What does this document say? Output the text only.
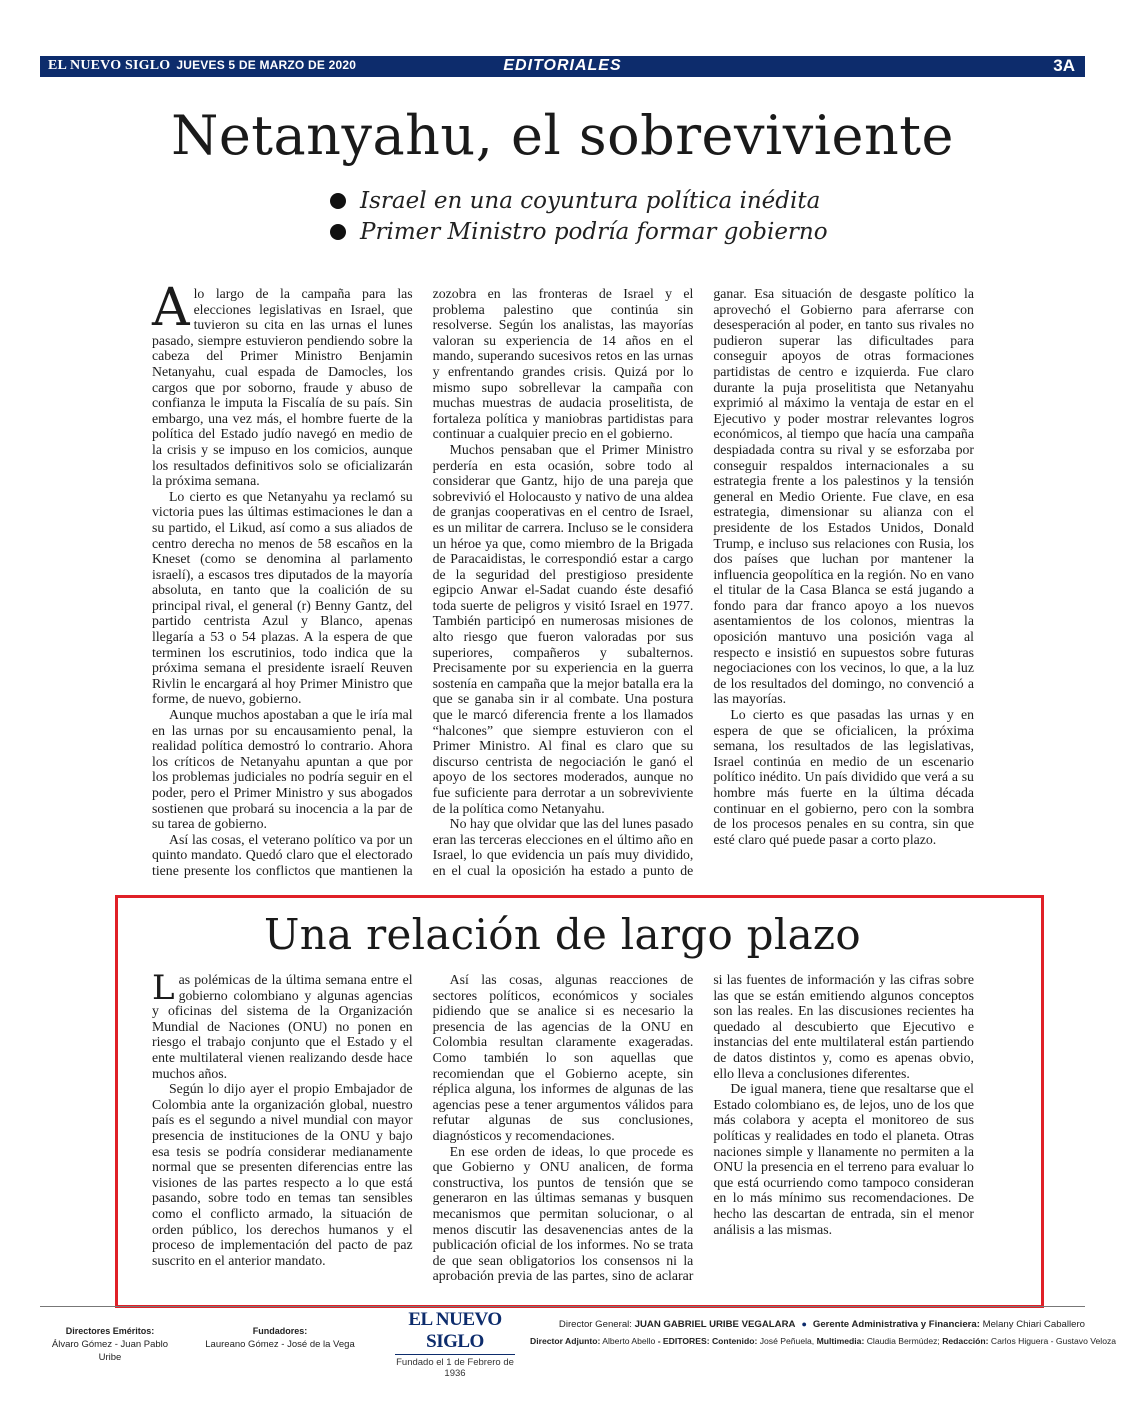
EL NUEVO SIGLO JUEVES 5 DE MARZO DE 2020	EDITORIALES	3A
Netanyahu, el sobreviviente
Israel en una coyuntura política inédita
Primer Ministro podría formar gobierno

Alo largo de la campaña para las elecciones legislativas en Israel, que tuvieron su cita en las urnas el lunes pasado, siempre estuvieron pendiendo sobre la cabeza del Primer Ministro Benjamin Netanyahu, cual espada de Damocles, los cargos que por soborno, fraude y abuso de confianza le imputa la Fiscalía de su país. Sin embargo, una vez más, el hombre fuerte de la política del Estado judío navegó en medio de la crisis y se impuso en los comicios, aunque los resultados definitivos solo se oficializarán la próxima semana.

Lo cierto es que Netanyahu ya reclamó su victoria pues las últimas estimaciones le dan a su partido, el Likud, así como a sus aliados de centro derecha no menos de 58 escaños en la Kneset (como se denomina al parlamento israelí), a escasos tres diputados de la mayoría absoluta, en tanto que la coalición de su principal rival, el general (r) Benny Gantz, del partido centrista Azul y Blanco, apenas llegaría a 53 o 54 plazas. A la espera de que terminen los escrutinios, todo indica que la próxima semana el presidente israelí Reuven Rivlin le encargará al hoy Primer Ministro que forme, de nuevo, gobierno.

Aunque muchos apostaban a que le iría mal en las urnas por su encausamiento penal, la realidad política demostró lo contrario. Ahora los críticos de Netanyahu apuntan a que por los problemas judiciales no podría seguir en el poder, pero el Primer Ministro y sus abogados sostienen que probará su inocencia a la par de su tarea de gobierno.

Así las cosas, el veterano político va por un quinto mandato. Quedó claro que el electorado tiene presente los conflictos que mantienen la zozobra en las fronteras de Israel y el problema palestino que continúa sin resolverse. Según los analistas, las mayorías valoran su experiencia de 14 años en el mando, superando sucesivos retos en las urnas y enfrentando grandes crisis. Quizá por lo mismo supo sobrellevar la campaña con muchas muestras de audacia proselitista, de fortaleza política y maniobras partidistas para continuar a cualquier precio en el gobierno.

Muchos pensaban que el Primer Ministro perdería en esta ocasión, sobre todo al considerar que Gantz, hijo de una pareja que sobrevivió el Holocausto y nativo de una aldea de granjas cooperativas en el centro de Israel, es un militar de carrera. Incluso se le considera un héroe ya que, como miembro de la Brigada de Paracaidistas, le correspondió estar a cargo de la seguridad del prestigioso presidente egipcio Anwar el-Sadat cuando éste desafió toda suerte de peligros y visitó Israel en 1977. También participó en numerosas misiones de alto riesgo que fueron valoradas por sus superiores, compañeros y subalternos. Precisamente por su experiencia en la guerra sostenía en campaña que la mejor batalla era la que se ganaba sin ir al combate. Una postura que le marcó diferencia frente a los llamados “halcones” que siempre estuvieron con el Primer Ministro. Al final es claro que su discurso centrista de negociación le ganó el apoyo de los sectores moderados, aunque no fue suficiente para derrotar a un sobreviviente de la política como Netanyahu.

No hay que olvidar que las del lunes pasado eran las terceras elecciones en el último año en Israel, lo que evidencia un país muy dividido, en el cual la oposición ha estado a punto de ganar. Esa situación de desgaste político la aprovechó el Gobierno para aferrarse con desesperación al poder, en tanto sus rivales no pudieron superar las dificultades para conseguir apoyos de otras formaciones partidistas de centro e izquierda. Fue claro durante la puja proselitista que Netanyahu exprimió al máximo la ventaja de estar en el Ejecutivo y poder mostrar relevantes logros económicos, al tiempo que hacía una campaña despiadada contra su rival y se esforzaba por conseguir respaldos internacionales a su estrategia frente a los palestinos y la tensión general en Medio Oriente. Fue clave, en esa estrategia, dimensionar su alianza con el presidente de los Estados Unidos, Donald Trump, e incluso sus relaciones con Rusia, los dos países que luchan por mantener la influencia geopolítica en la región. No en vano el titular de la Casa Blanca se está jugando a fondo para dar franco apoyo a los nuevos asentamientos de los colonos, mientras la oposición mantuvo una posición vaga al respecto e insistió en supuestos sobre futuras negociaciones con los vecinos, lo que, a la luz de los resultados del domingo, no convenció a las mayorías.

Lo cierto es que pasadas las urnas y en espera de que se oficialicen, la próxima semana, los resultados de las legislativas, Israel continúa en medio de un escenario político inédito. Un país dividido que verá a su hombre más fuerte en la última década continuar en el gobierno, pero con la sombra de los procesos penales en su contra, sin que esté claro qué puede pasar a corto plazo.

Una relación de largo plazo

Las polémicas de la última semana entre el gobierno colombiano y algunas agencias y oficinas del sistema de la Organización Mundial de Naciones (ONU) no ponen en riesgo el trabajo conjunto que el Estado y el ente multilateral vienen realizando desde hace muchos años.

Según lo dijo ayer el propio Embajador de Colombia ante la organización global, nuestro país es el segundo a nivel mundial con mayor presencia de instituciones de la ONU y bajo esa tesis se podría considerar medianamente normal que se presenten diferencias entre las visiones de las partes respecto a lo que está pasando, sobre todo en temas tan sensibles como el conflicto armado, la situación de orden público, los derechos humanos y el proceso de implementación del pacto de paz suscrito en el anterior mandato.

Así las cosas, algunas reacciones de sectores políticos, económicos y sociales pidiendo que se analice si es necesario la presencia de las agencias de la ONU en Colombia resultan claramente exageradas. Como también lo son aquellas que recomiendan que el Gobierno acepte, sin réplica alguna, los informes de algunas de las agencias pese a tener argumentos válidos para refutar algunas de sus conclusiones, diagnósticos y recomendaciones.

En ese orden de ideas, lo que procede es que Gobierno y ONU analicen, de forma constructiva, los puntos de tensión que se generaron en las últimas semanas y busquen mecanismos que permitan solucionar, o al menos discutir las desavenencias antes de la publicación oficial de los informes. No se trata de que sean obligatorios los consensos ni la aprobación previa de las partes, sino de aclarar si las fuentes de información y las cifras sobre las que se están emitiendo algunos conceptos son las reales. En las discusiones recientes ha quedado al descubierto que Ejecutivo e instancias del ente multilateral están partiendo de datos distintos y, como es apenas obvio, ello lleva a conclusiones diferentes.

De igual manera, tiene que resaltarse que el Estado colombiano es, de lejos, uno de los que más colabora y acepta el monitoreo de sus políticas y realidades en todo el planeta. Otras naciones simple y llanamente no permiten a la ONU la presencia en el terreno para evaluar lo que está ocurriendo como tampoco consideran en lo más mínimo sus recomendaciones. De hecho las descartan de entrada, sin el menor análisis a las mismas.

Directores Eméritos:
Álvaro Gómez - Juan Pablo Uribe
Fundadores:
Laureano Gómez - José de la Vega
EL NUEVO SIGLO
Fundado el 1 de Febrero de 1936
Director General: JUAN GABRIEL URIBE VEGALARA ● Gerente Administrativa y Financiera: Melany Chiari Caballero
Director Adjunto: Alberto Abello - EDITORES: Contenido: José Peñuela, Multimedia: Claudia Bermúdez; Redacción: Carlos Higuera - Gustavo Veloza
